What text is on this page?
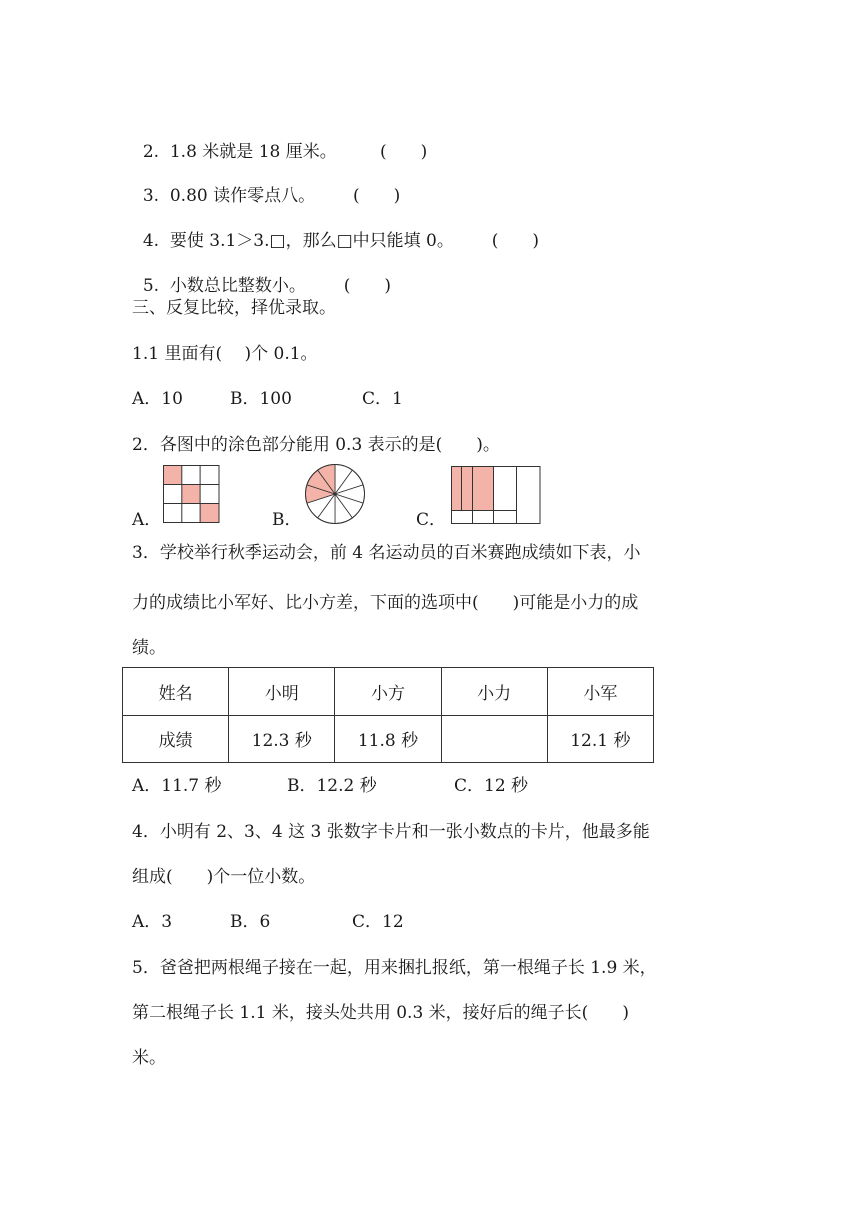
2. 1.8 米就是 18 厘米。	(　　)

3. 0.80 读作零点八。 (　　)

4. 要使 3.1＞3.□，那么□中只能填 0。 (　　)

5. 小数总比整数小。 (　　)

三、反复比较，择优录取。
1.1 里面有(　 )个 0.1。
A．10	B．100	C．1
2．各图中的涂色部分能用 0.3 表示的是(　　)。
A．	B．	C．
3．学校举行秋季运动会，前 4 名运动员的百米赛跑成绩如下表，小
力的成绩比小军好、比小方差，下面的选项中(　　)可能是小力的成
绩。
姓名	小明	小方	小力	小军
成绩	12.3 秒	11.8 秒		12.1 秒
A．11.7 秒	B．12.2 秒	C．12 秒
4．小明有 2、3、4 这 3 张数字卡片和一张小数点的卡片，他最多能
组成(　　)个一位小数。
A．3	B．6	C．12
5．爸爸把两根绳子接在一起，用来捆扎报纸，第一根绳子长 1.9 米，
第二根绳子长 1.1 米，接头处共用 0.3 米，接好后的绳子长(　　)
米。
